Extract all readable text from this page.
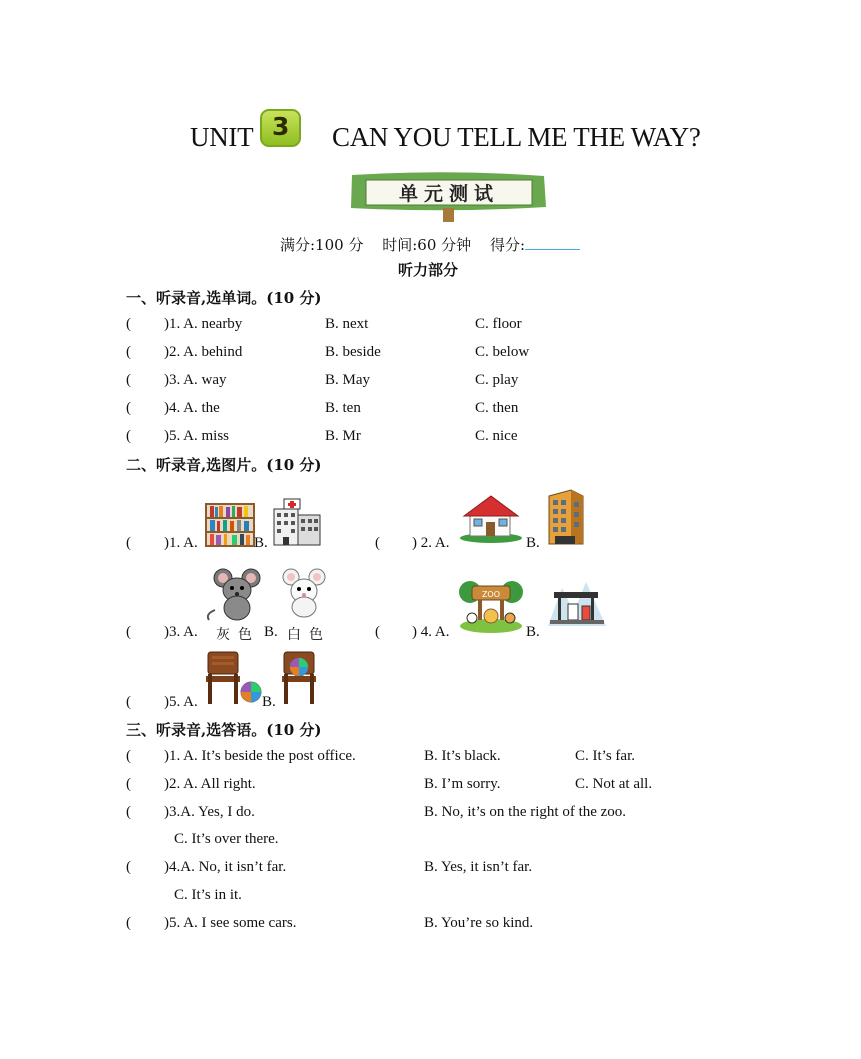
UNIT 3	CAN YOU TELL ME THE WAY?
单元测试
满分:100 分 时间:60 分钟 得分:
听力部分
一、听录音,选单词。(10 分)
( )1. A. nearby	B. next	C. floor
( )2. A. behind	B. beside	C. below
( )3. A. way	B. May	C. play
( )4. A. the	B. ten	C. then
( )5. A. miss	B. Mr	C. nice
二、听录音,选图片。(10 分)
( )1. A.	B.	( ) 2. A.	B.
( )3. A. 灰色 B. 白色	( ) 4. A.
ZOO
B.
( )5. A.	B.
三、听录音,选答语。(10 分)
( )1. A. It’s beside the post office.	B. It’s black.	C. It’s far.
( )2. A. All right.	B. I’m sorry.	C. Not at all.
( )3.A. Yes, I do.	B. No, it’s on the right of the zoo.
C. It’s over there.
( )4.A. No, it isn’t far.	B. Yes, it isn’t far.
C. It’s in it.
( )5. A. I see some cars.	B. You’re so kind.
